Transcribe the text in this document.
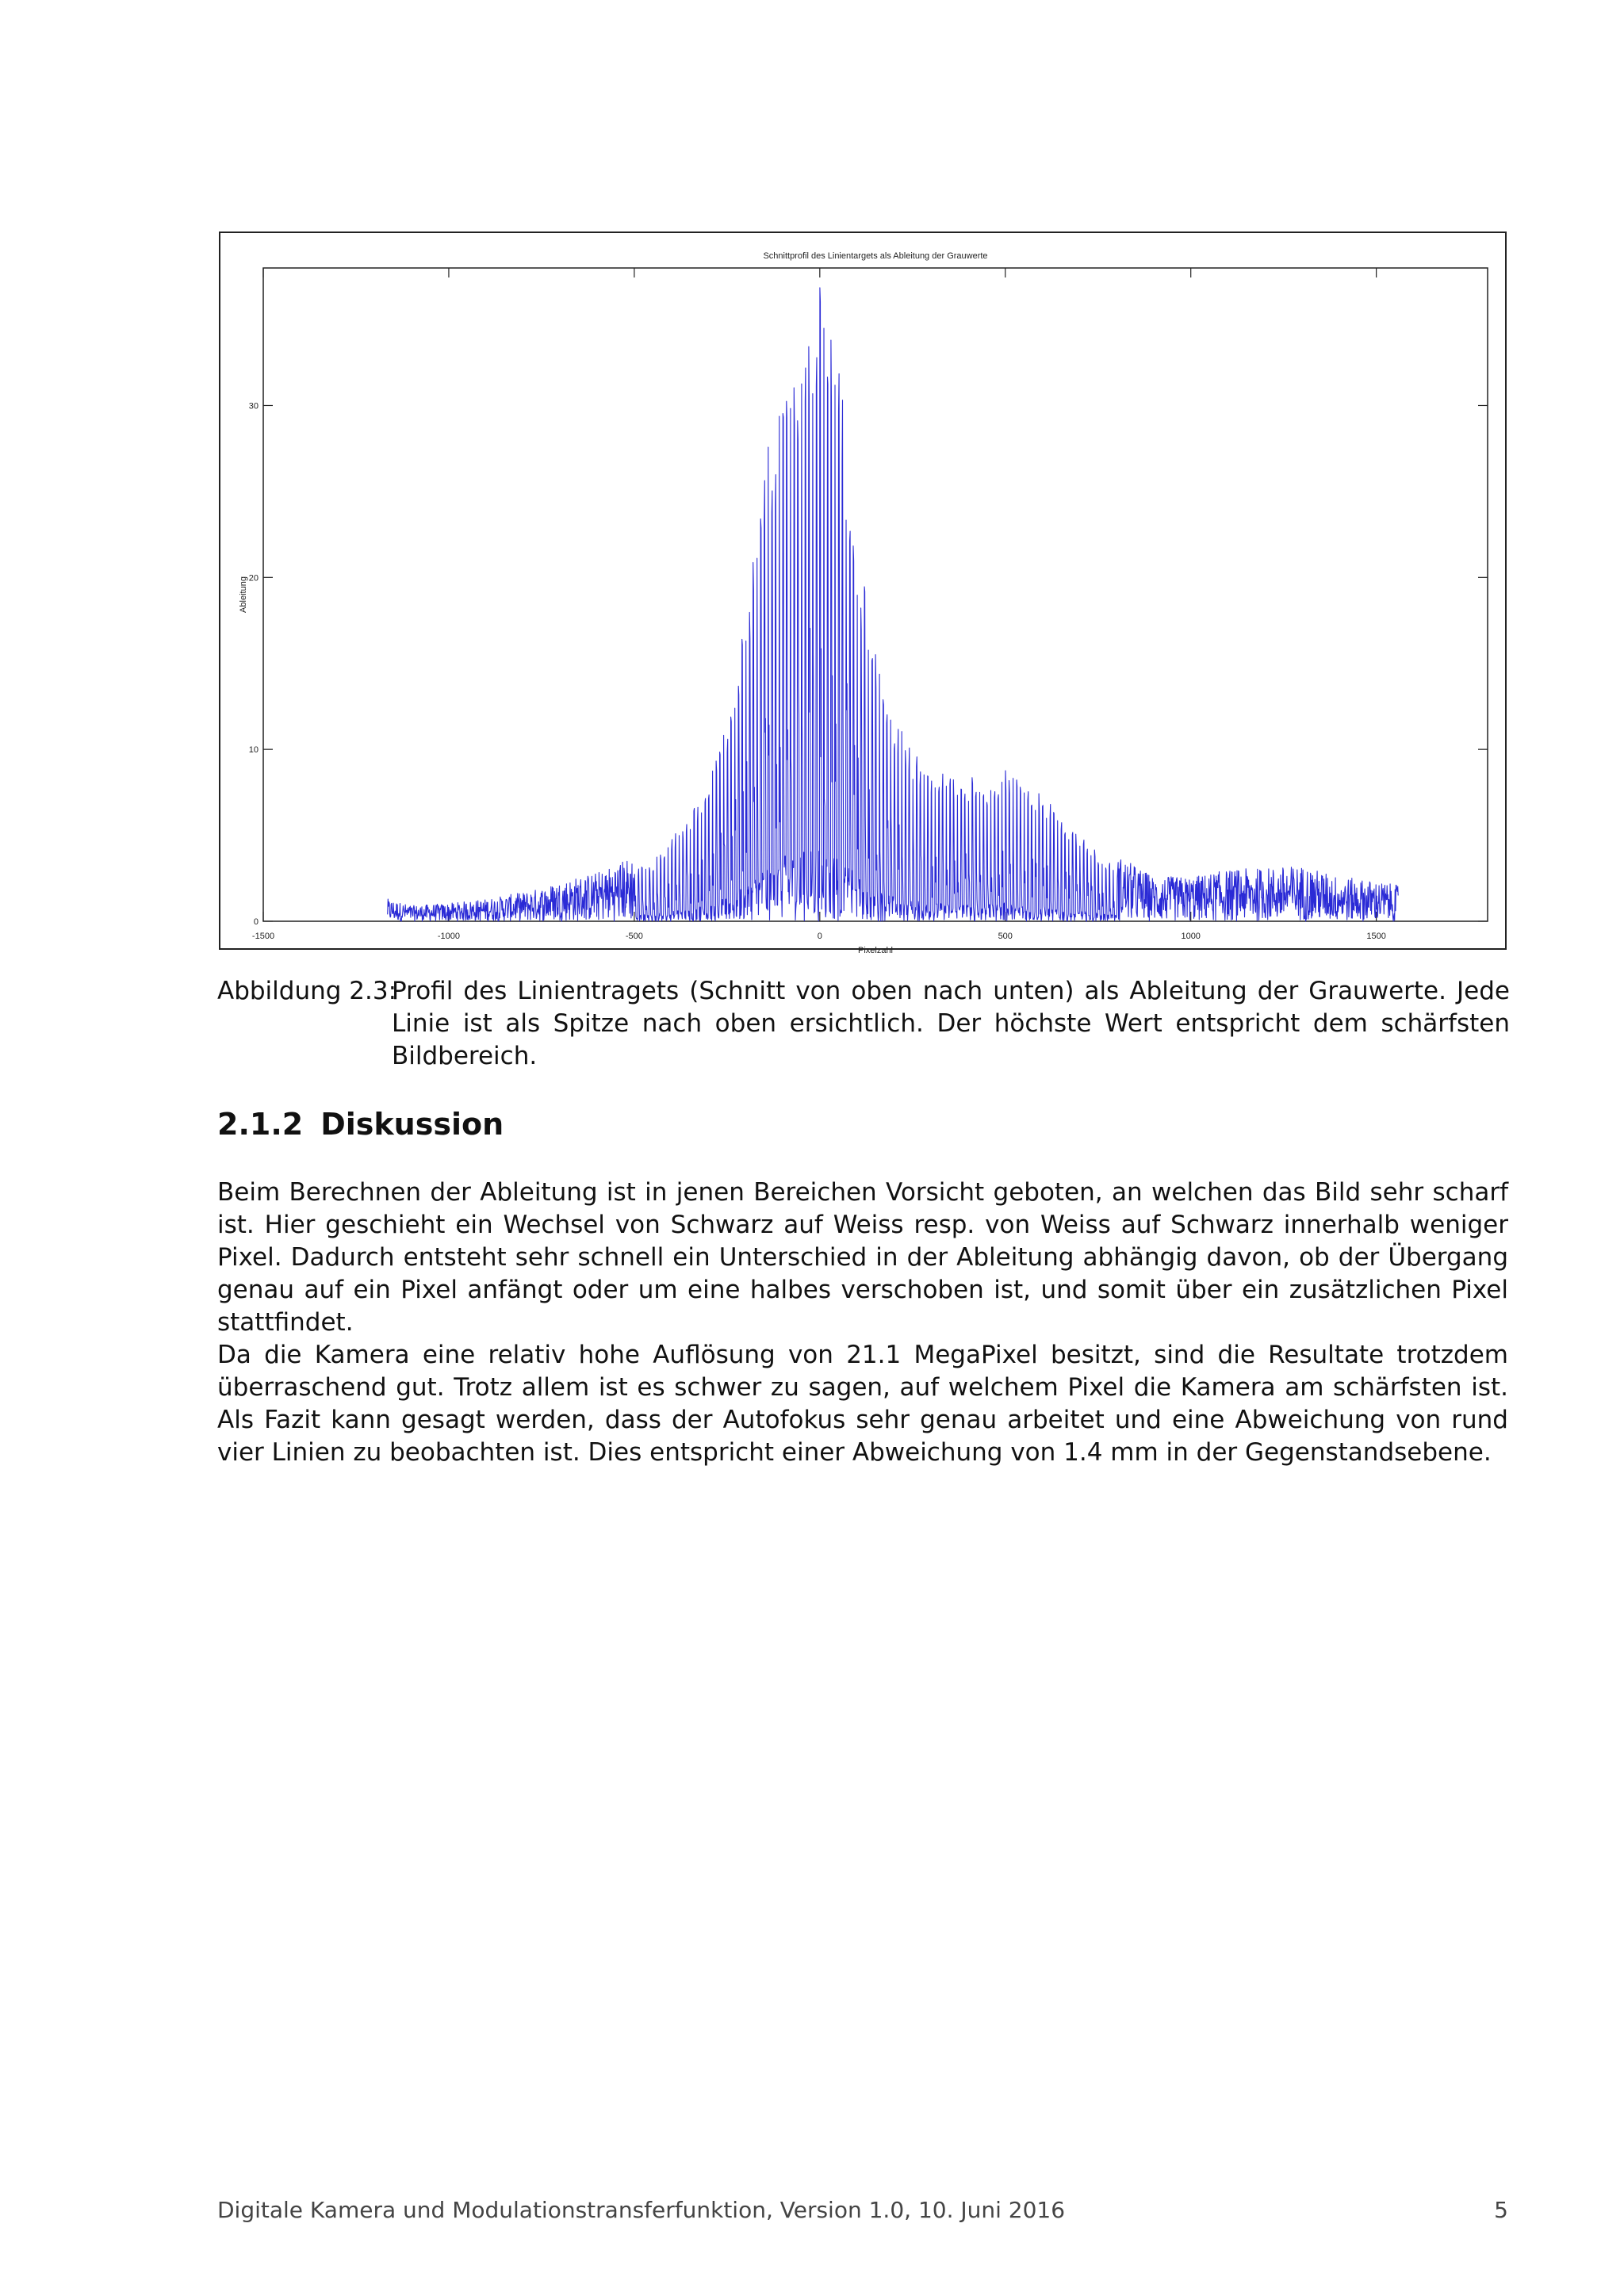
-1500	-1000	-500	0	500	1000	1500
0
10
20
30
Schnittprofil des Linientargets als Ableitung der Grauwerte
Pixelzahl
Ableitung
Abbildung 2.3:
Profil des Linientragets (Schnitt von oben nach unten) als Ableitung der Grauwerte. Jede Linie ist als Spitze nach oben ersichtlich. Der höchste Wert entspricht dem schärfsten Bildbereich.
2.1.2 Diskussion

Beim Berechnen der Ableitung ist in jenen Bereichen Vorsicht geboten, an welchen das Bild sehr scharf ist. Hier geschieht ein Wechsel von Schwarz auf Weiss resp. von Weiss auf Schwarz innerhalb weniger Pixel. Dadurch entsteht sehr schnell ein Unterschied in der Ableitung abhängig davon, ob der Übergang genau auf ein Pixel anfängt oder um eine halbes verschoben ist, und somit über ein zusätzlichen Pixel stattfindet.

Da die Kamera eine relativ hohe Auflösung von 21.1 MegaPixel besitzt, sind die Resultate trotzdem überraschend gut. Trotz allem ist es schwer zu sagen, auf welchem Pixel die Kamera am schärfsten ist. Als Fazit kann gesagt werden, dass der Autofokus sehr genau arbeitet und eine Abweichung von rund vier Linien zu beobachten ist. Dies entspricht einer Abweichung von 1.4 mm in der Gegenstandsebene.

Digitale Kamera und Modulationstransferfunktion, Version 1.0, 10. Juni 2016	5
